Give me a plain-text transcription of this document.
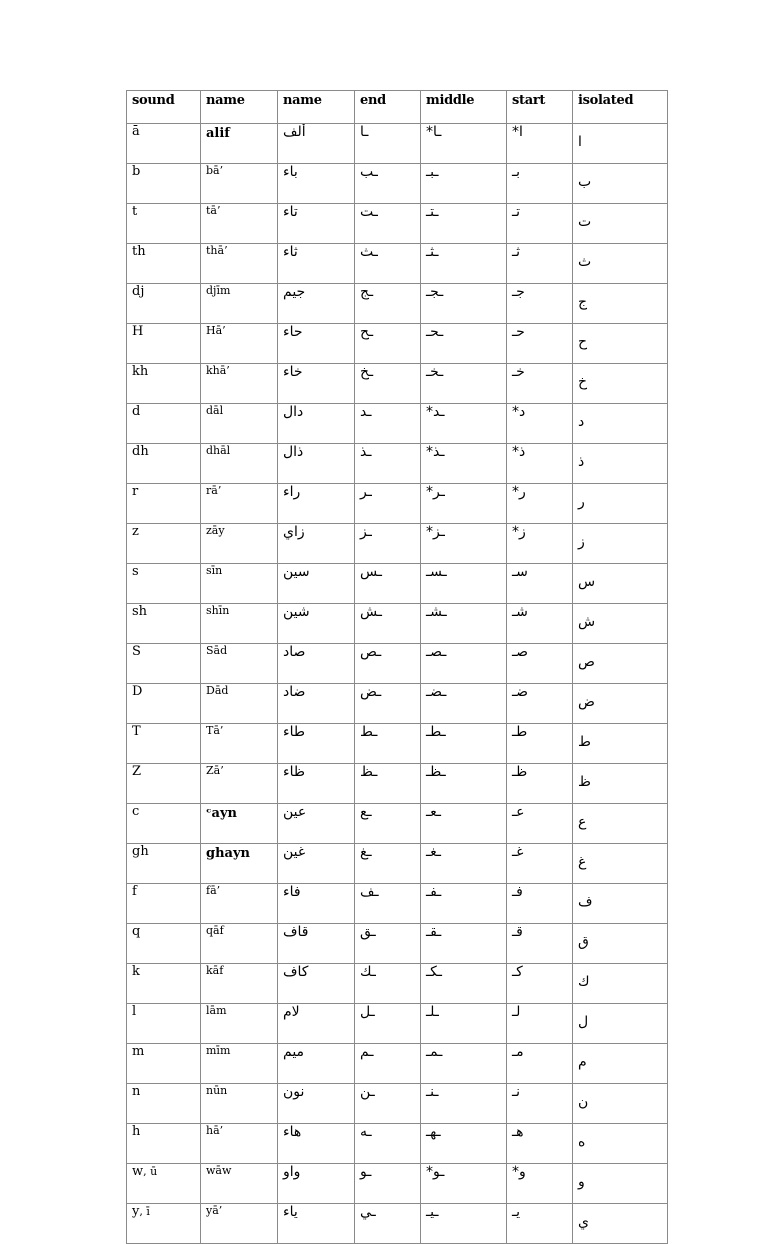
sound	name	name	end	middle	start	isolated
ā	alif	ألف	ـا	ـا*	ا*	ا
b	bā’	باء	ـب	ـبـ	بـ	ب
t	tā’	تاء	ـت	ـتـ	تـ	ت
th	thā’	ثاء	ـث	ـثـ	ثـ	ث
dj	djīm	جيم	ـج	ـجـ	جـ	ج
H	Hā’	حاء	ـح	ـحـ	حـ	ح
kh	khā’	خاء	ـخ	ـخـ	خـ	خ
d	dāl	دال	ـد	ـد*	د*	د
dh	dhāl	ذال	ـذ	ـذ*	ذ*	ذ
r	rā’	راء	ـر	ـر*	ر*	ر
z	zāy	زاي	ـز	ـز*	ز*	ز
s	sīn	سين	ـس	ـسـ	سـ	س
sh	shīn	شين	ـش	ـشـ	شـ	ش
S	Sād	صاد	ـص	ـصـ	صـ	ص
D	Dād	ضاد	ـض	ـضـ	ضـ	ض
T	Tā’	طاء	ـط	ـطـ	طـ	ط
Z	Zā’	ظاء	ـظ	ـظـ	ظـ	ظ
c	ᶜayn	عين	ـع	ـعـ	عـ	ع
gh	ghayn	غين	ـغ	ـغـ	غـ	غ
f	fā’	فاء	ـف	ـفـ	فـ	ف
q	qāf	قاف	ـق	ـقـ	قـ	ق
k	kāf	كاف	ـك	ـكـ	كـ	ك
l	lām	لام	ـل	ـلـ	لـ	ل
m	mīm	ميم	ـم	ـمـ	مـ	م
n	nūn	نون	ـن	ـنـ	نـ	ن
h	hā’	هاء	ـه	ـهـ	هـ	ه
w, ū	wāw	واو	ـو	ـو*	و*	و
y, ī	yā’	ياء	ـي	ـيـ	يـ	ي
